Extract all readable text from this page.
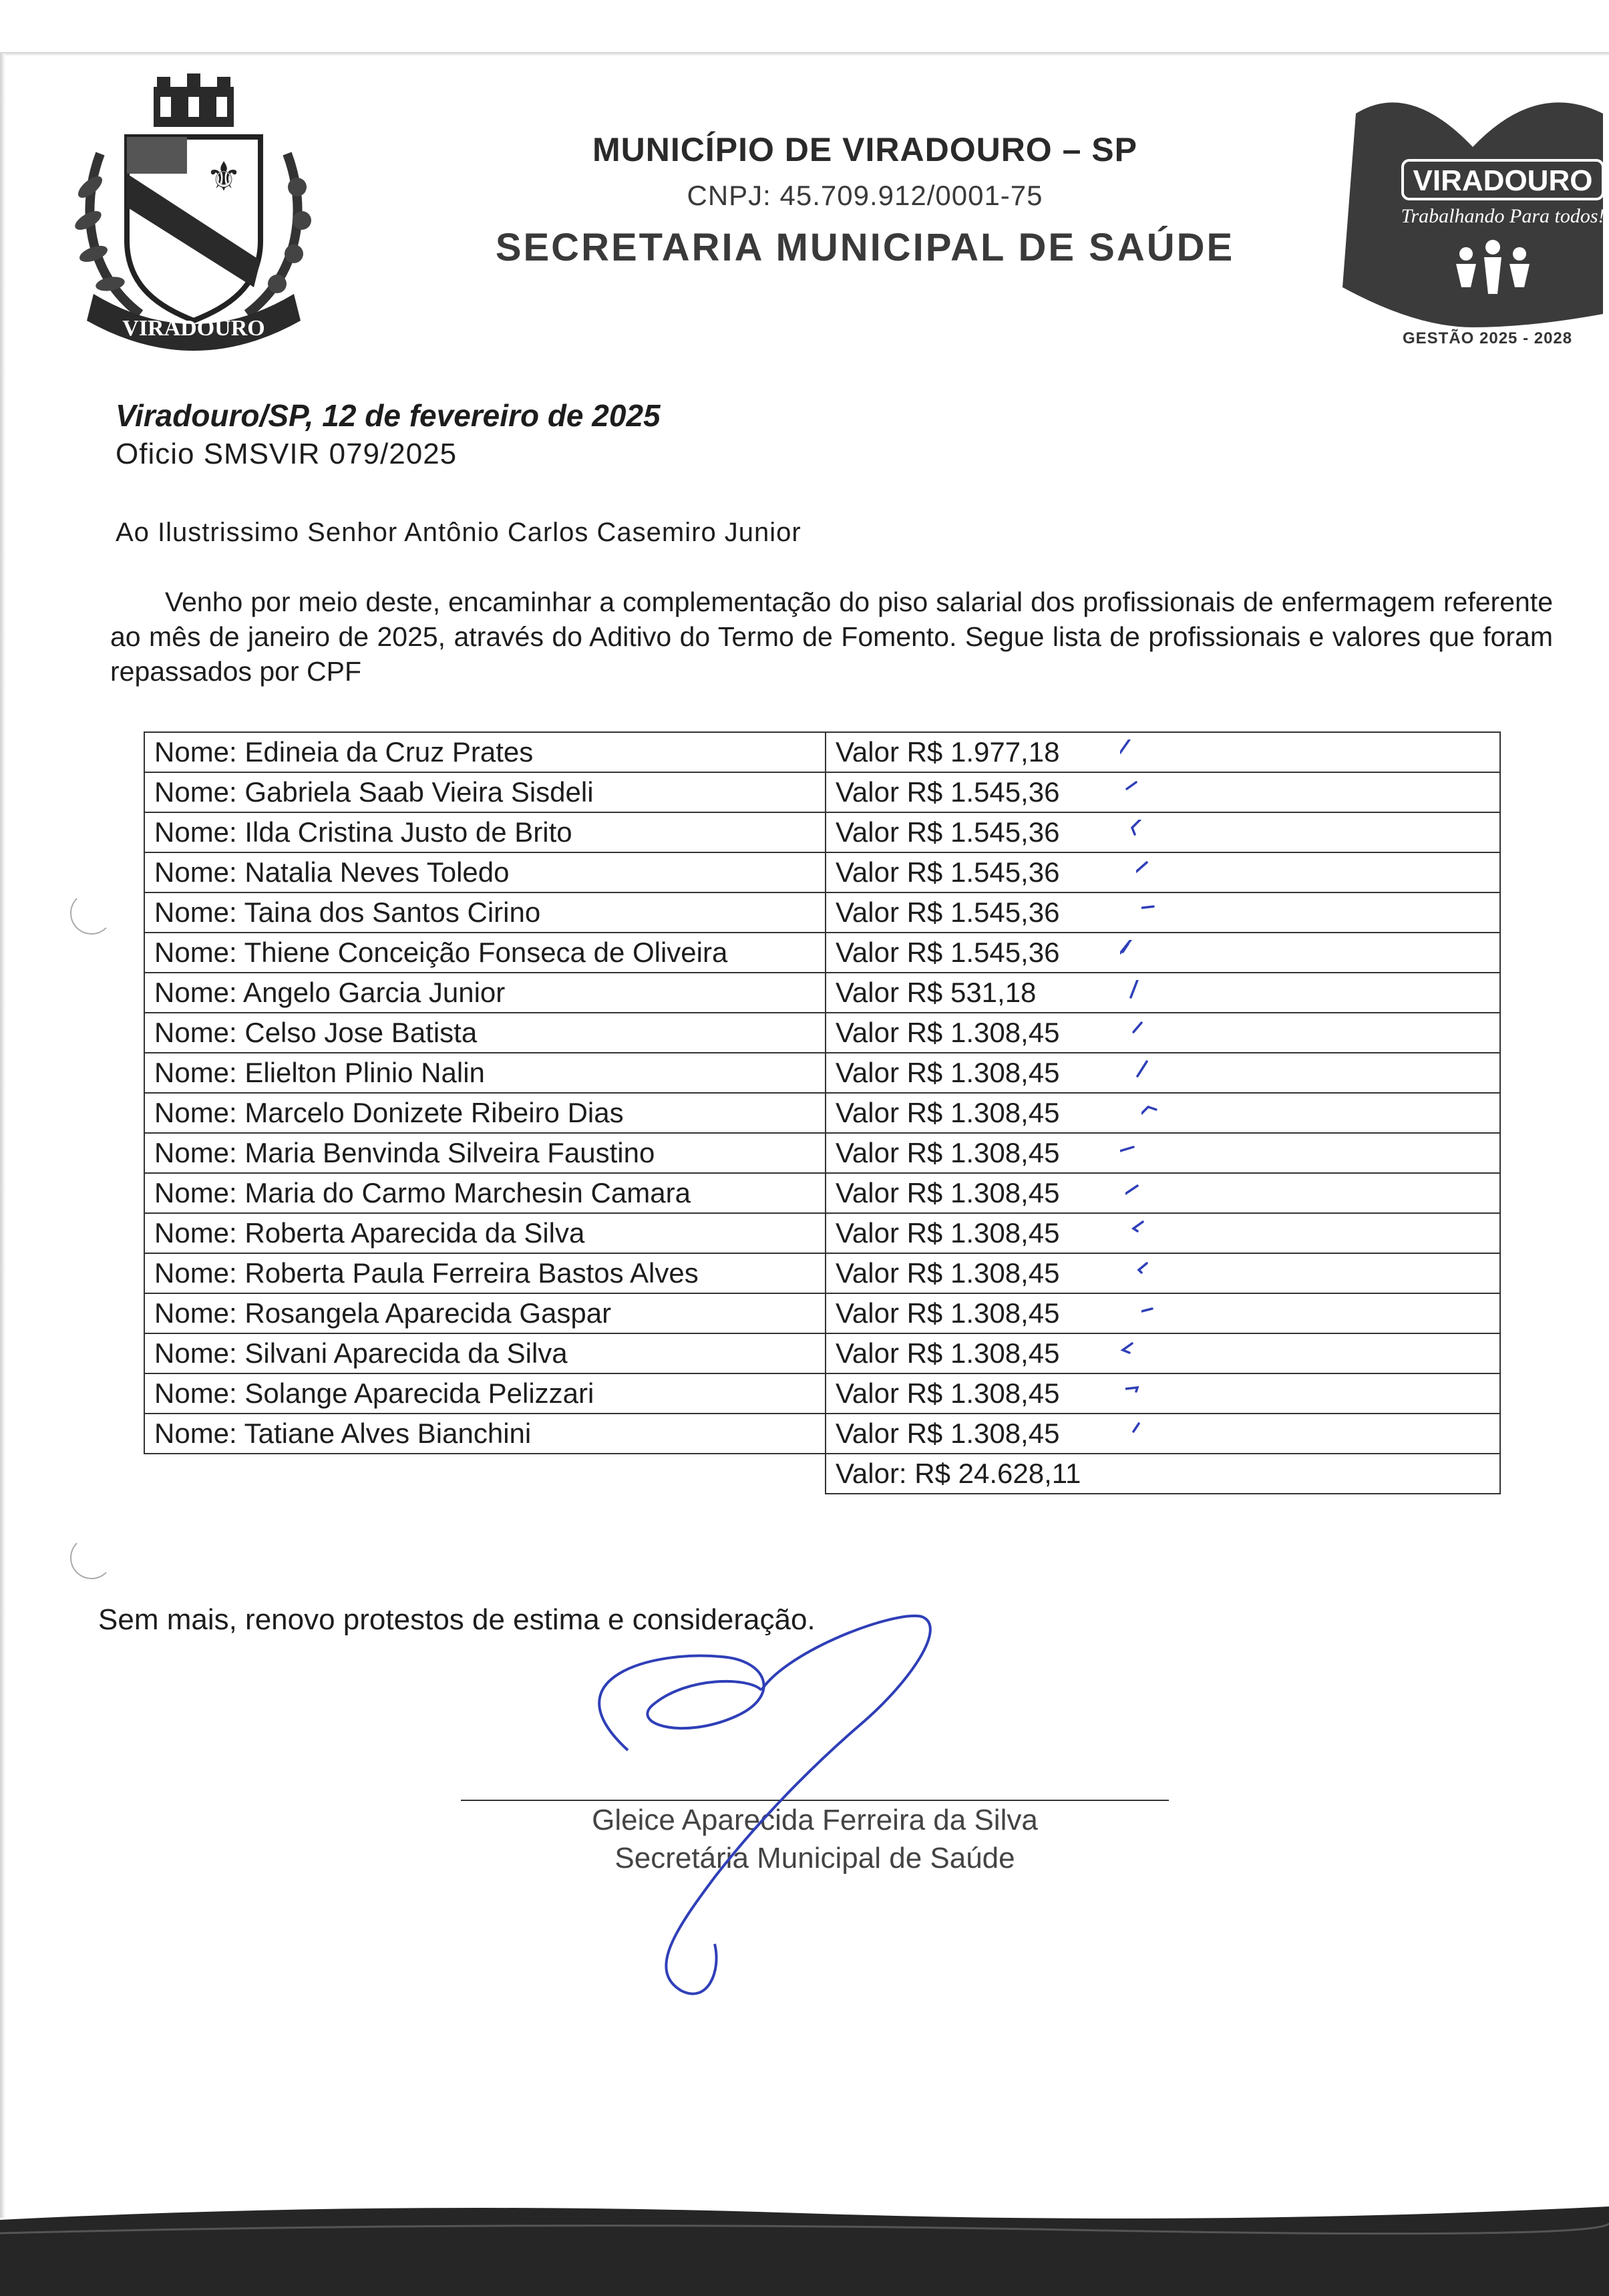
⚜
VIRADOURO
MUNICÍPIO DE VIRADOURO – SP
CNPJ: 45.709.912/0001-75
SECRETARIA MUNICIPAL DE SAÚDE
VIRADOURO
Trabalhando Para todos!
GESTÃO 2025 - 2028
Viradouro/SP, 12 de fevereiro de 2025
Oficio SMSVIR 079/2025
Ao Ilustrissimo Senhor Antônio Carlos Casemiro Junior
Venho por meio deste, encaminhar a complementação do piso salarial dos profissionais de enfermagem referente ao mês de janeiro de 2025, através do Aditivo do Termo de Fomento. Segue lista de profissionais e valores que foram repassados por CPF
Nome: Edineia da Cruz Prates	Valor R$ 1.977,18

Nome: Gabriela Saab Vieira Sisdeli	Valor R$ 1.545,36

Nome: Ilda Cristina Justo de Brito	Valor R$ 1.545,36

Nome: Natalia Neves Toledo	Valor R$ 1.545,36

Nome: Taina dos Santos Cirino	Valor R$ 1.545,36

Nome: Thiene Conceição Fonseca de Oliveira	Valor R$ 1.545,36

Nome: Angelo Garcia Junior	Valor R$ 531,18

Nome: Celso Jose Batista	Valor R$ 1.308,45

Nome: Elielton Plinio Nalin	Valor R$ 1.308,45

Nome: Marcelo Donizete Ribeiro Dias	Valor R$ 1.308,45

Nome: Maria Benvinda Silveira Faustino	Valor R$ 1.308,45

Nome: Maria do Carmo Marchesin Camara	Valor R$ 1.308,45

Nome: Roberta Aparecida da Silva	Valor R$ 1.308,45

Nome: Roberta Paula Ferreira Bastos Alves	Valor R$ 1.308,45

Nome: Rosangela Aparecida Gaspar	Valor R$ 1.308,45

Nome: Silvani Aparecida da Silva	Valor R$ 1.308,45

Nome: Solange Aparecida Pelizzari	Valor R$ 1.308,45

Nome: Tatiane Alves Bianchini	Valor R$ 1.308,45

	Valor: R$ 24.628,11
Sem mais, renovo protestos de estima e consideração.
Gleice Aparecida Ferreira da Silva
Secretária Municipal de Saúde
